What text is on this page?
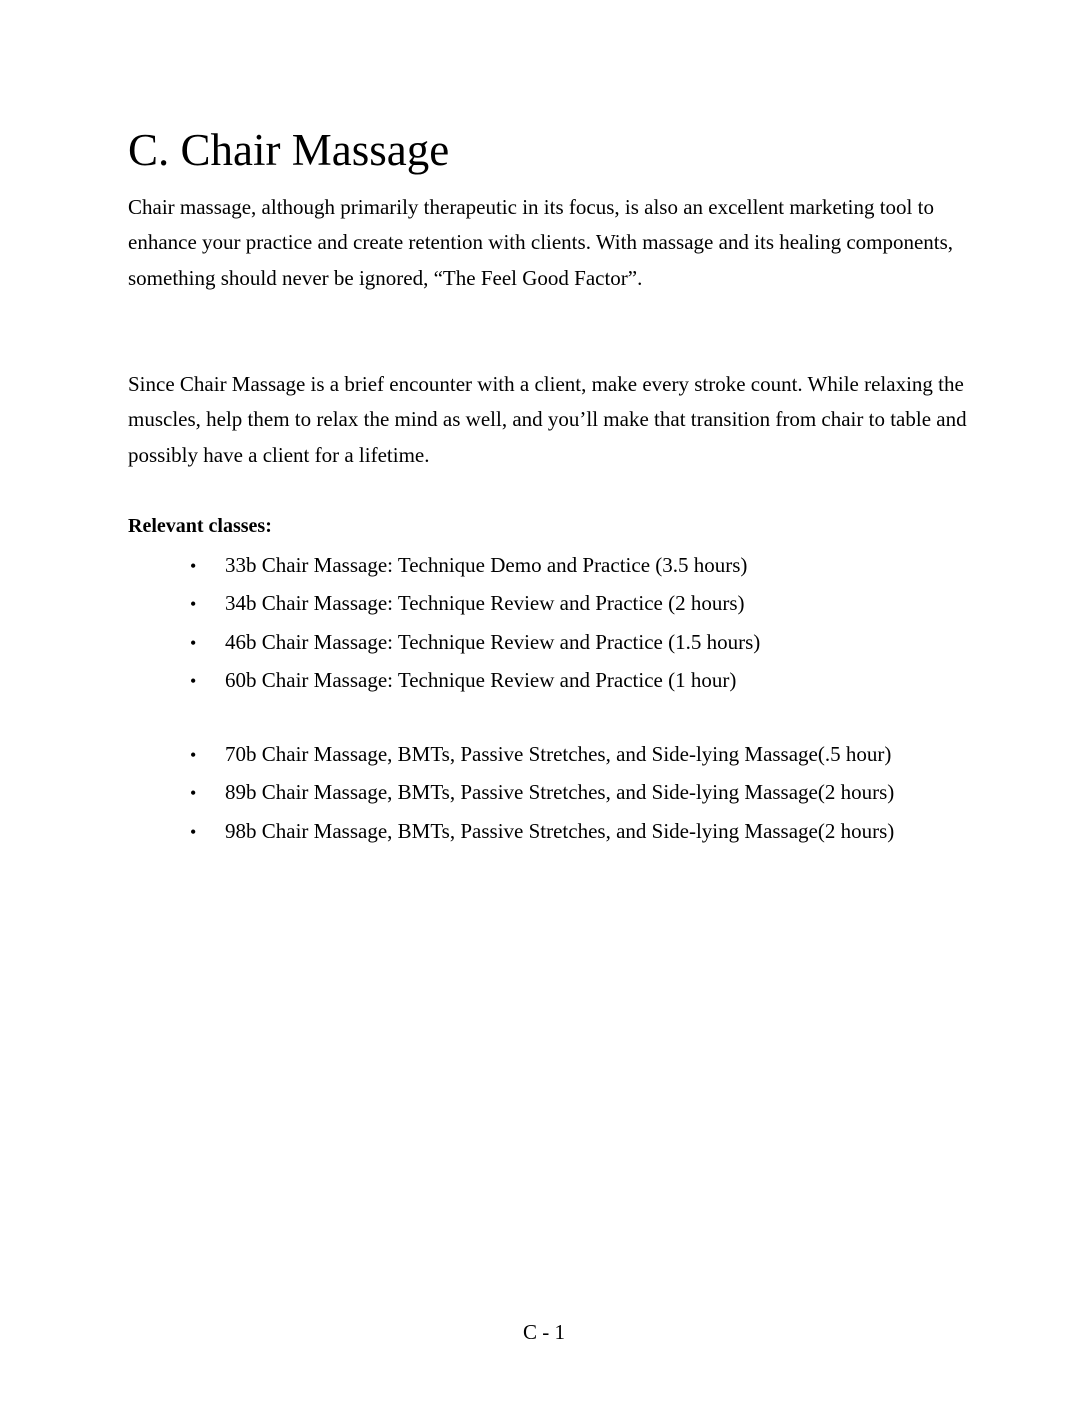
C. Chair Massage

Chair massage, although primarily therapeutic in its focus, is also an excellent marketing tool to enhance your practice and create retention with clients. With massage and its healing components, something should never be ignored, “The Feel Good Factor”.

Since Chair Massage is a brief encounter with a client, make every stroke count. While relaxing the muscles, help them to relax the mind as well, and you’ll make that transition from chair to table and possibly have a client for a lifetime.

Relevant classes:
• 33b Chair Massage: Technique Demo and Practice (3.5 hours)
• 34b Chair Massage: Technique Review and Practice (2 hours)
• 46b Chair Massage: Technique Review and Practice (1.5 hours)
• 60b Chair Massage: Technique Review and Practice (1 hour)
• 70b Chair Massage, BMTs, Passive Stretches, and Side-lying Massage(.5 hour)
• 89b Chair Massage, BMTs, Passive Stretches, and Side-lying Massage(2 hours)
• 98b Chair Massage, BMTs, Passive Stretches, and Side-lying Massage(2 hours)
C - 1
